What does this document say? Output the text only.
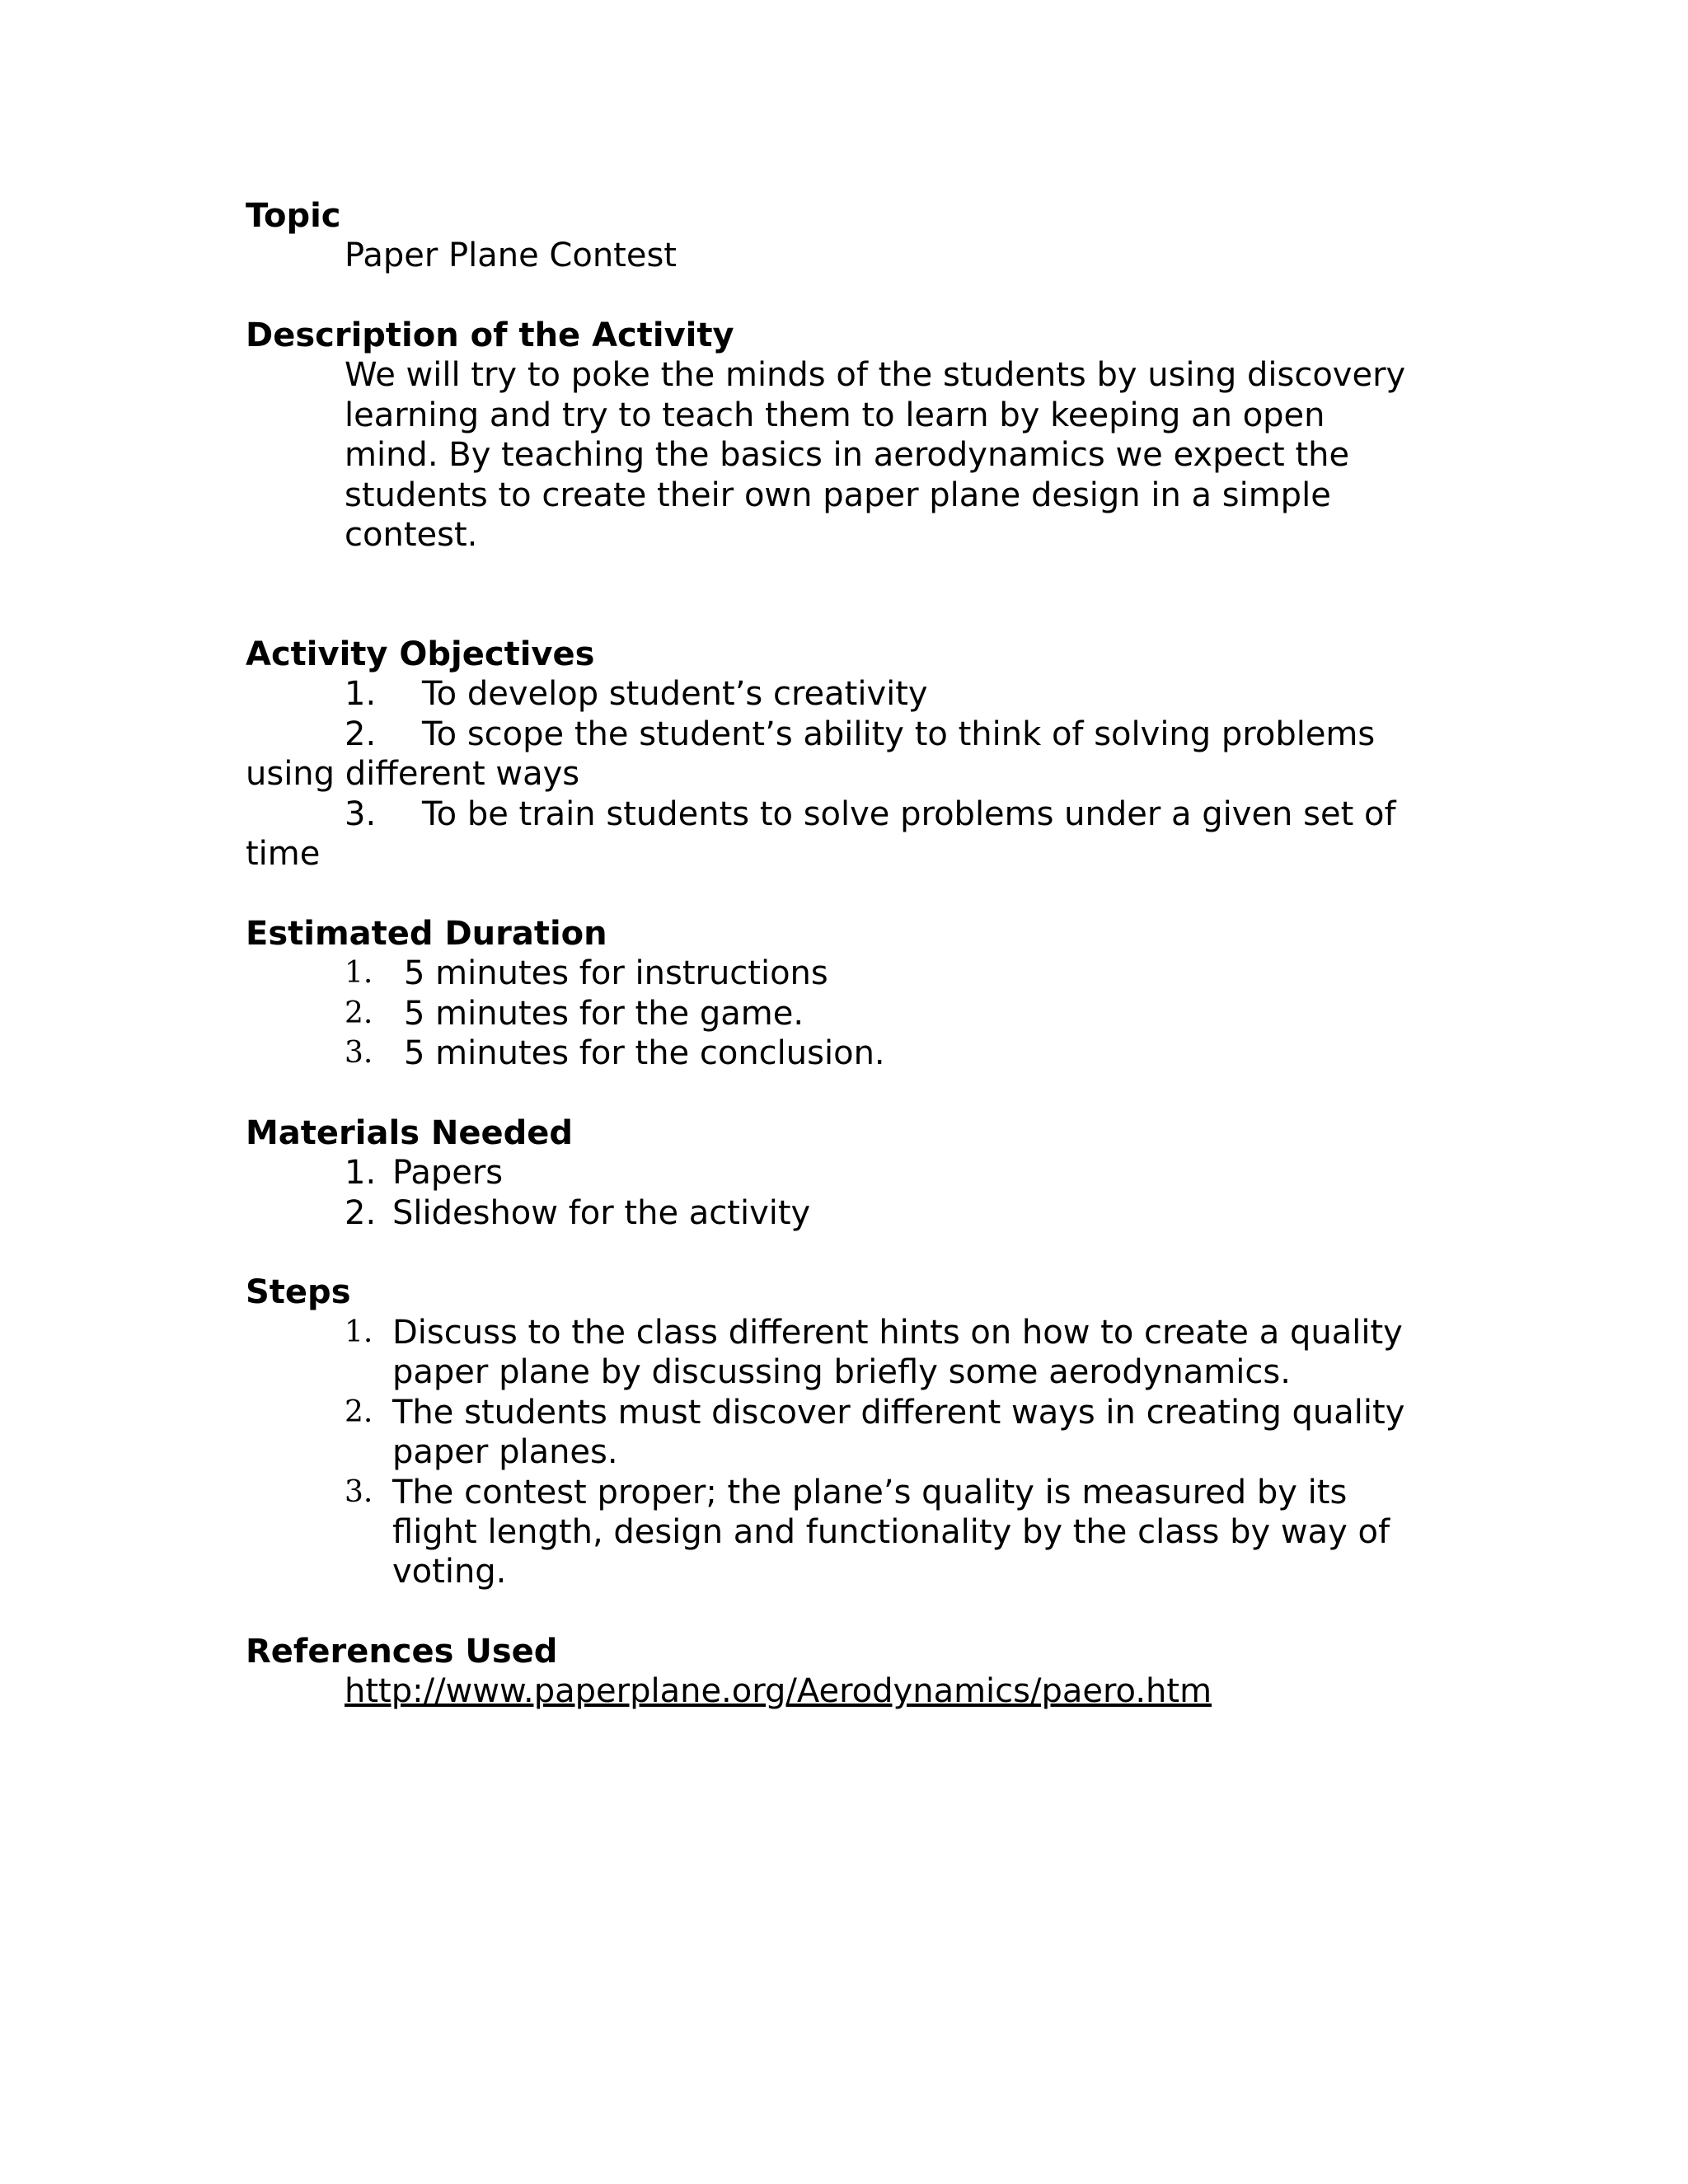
Topic
Paper Plane Contest
Description of the Activity
We will try to poke the minds of the students by using discovery
learning and try to teach them to learn by keeping an open
mind. By teaching the basics in aerodynamics we expect the
students to create their own paper plane design in a simple
contest.
Activity Objectives
1. To develop student’s creativity
2. To scope the student’s ability to think of solving problems
using different ways
3. To be train students to solve problems under a given set of
time
Estimated Duration
1. 5 minutes for instructions
2. 5 minutes for the game.
3. 5 minutes for the conclusion.
Materials Needed
1. Papers
2. Slideshow for the activity
Steps
1. Discuss to the class different hints on how to create a quality
paper plane by discussing briefly some aerodynamics.
2. The students must discover different ways in creating quality
paper planes.
3. The contest proper; the plane’s quality is measured by its
flight length, design and functionality by the class by way of
voting.
References Used
http://www.paperplane.org/Aerodynamics/paero.htm
